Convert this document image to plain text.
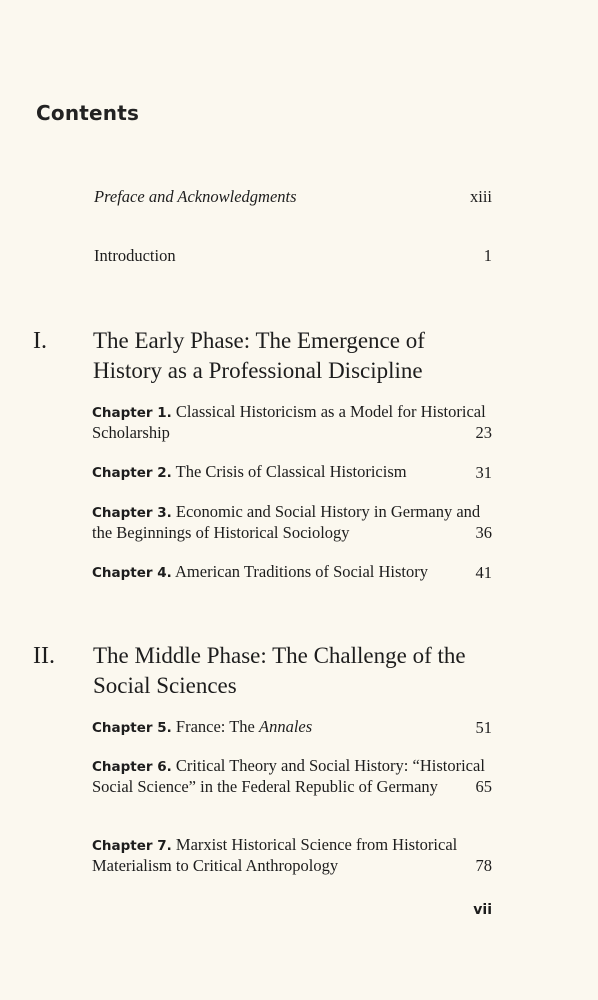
Contents
Preface and Acknowledgments	xiii
Introduction	1
I. The Early Phase: The Emergence of History as a Professional Discipline
Chapter 1. Classical Historicism as a Model for Historical Scholarship	23
Chapter 2. The Crisis of Classical Historicism	31
Chapter 3. Economic and Social History in Germany and the Beginnings of Historical Sociology	36
Chapter 4. American Traditions of Social History	41
II. The Middle Phase: The Challenge of the Social Sciences
Chapter 5. France: The Annales	51
Chapter 6. Critical Theory and Social History: “Historical Social Science” in the Federal Republic of Germany 65
Chapter 7. Marxist Historical Science from Historical Materialism to Critical Anthropology	78
vii
